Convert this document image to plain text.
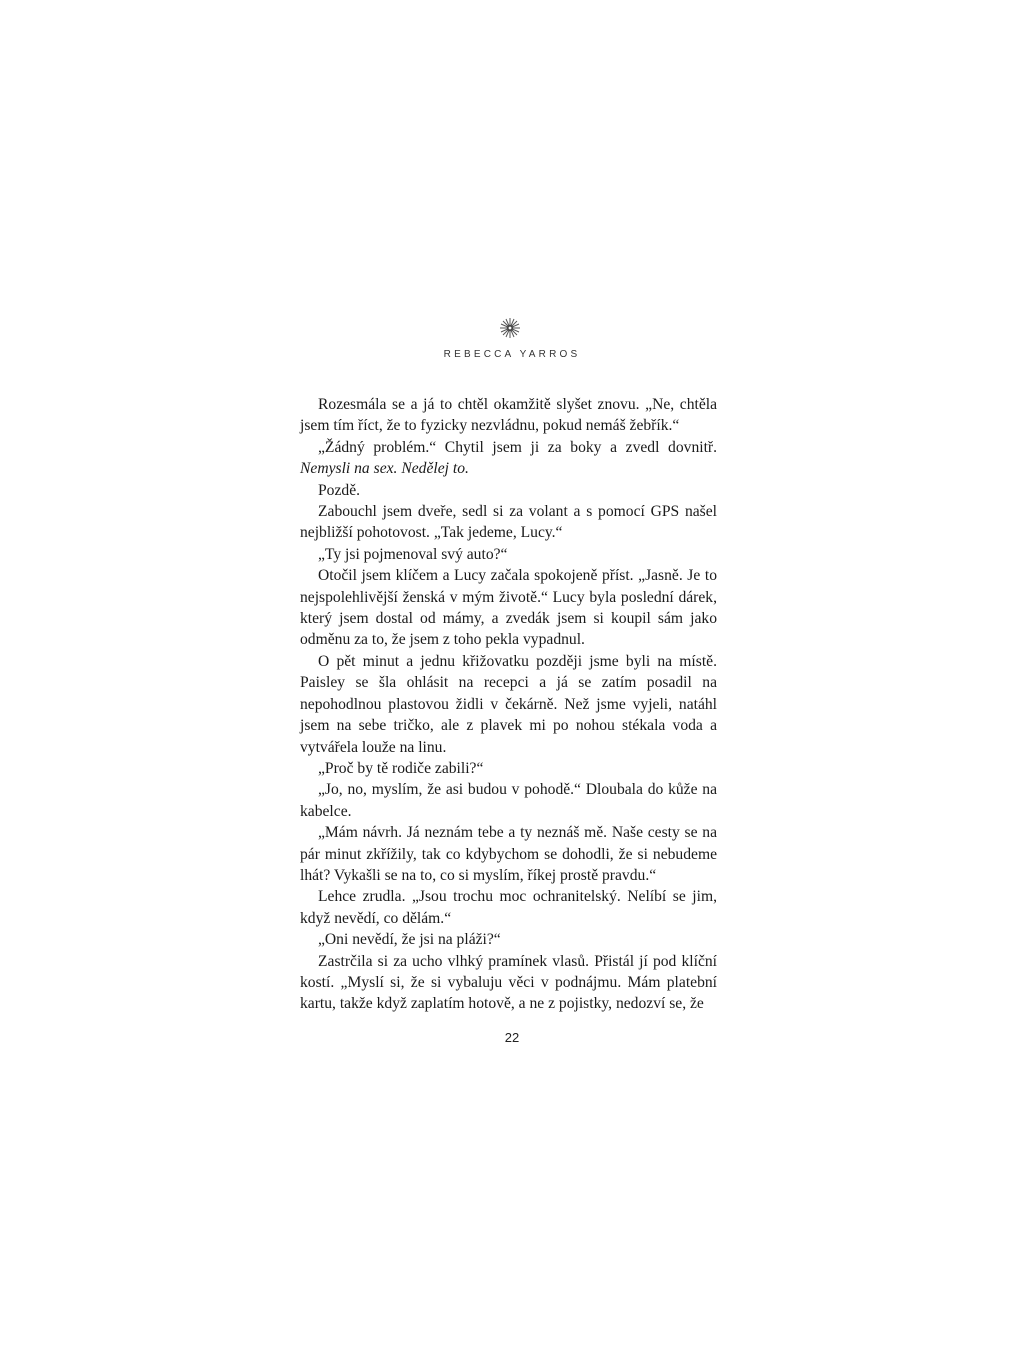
REBECCA YARROS

Rozesmála se a já to chtěl okamžitě slyšet znovu. „Ne, chtěla jsem tím říct, že to fyzicky nezvládnu, pokud nemáš žebřík.“

„Žádný problém.“ Chytil jsem ji za boky a zvedl dovnitř. Nemysli na sex. Nedělej to.

Pozdě.

Zabouchl jsem dveře, sedl si za volant a s pomocí GPS našel nejbližší pohotovost. „Tak jedeme, Lucy.“

„Ty jsi pojmenoval svý auto?“

Otočil jsem klíčem a Lucy začala spokojeně příst. „Jasně. Je to nejspolehlivější ženská v mým životě.“ Lucy byla poslední dárek, který jsem dostal od mámy, a zvedák jsem si koupil sám jako odměnu za to, že jsem z toho pekla vypadnul.

O pět minut a jednu křižovatku později jsme byli na místě. Paisley se šla ohlásit na recepci a já se zatím posadil na nepohodlnou plastovou židli v čekárně. Než jsme vyjeli, natáhl jsem na sebe tričko, ale z plavek mi po nohou stékala voda a vytvářela louže na linu.

„Proč by tě rodiče zabili?“

„Jo, no, myslím, že asi budou v pohodě.“ Dloubala do kůže na kabelce.

„Mám návrh. Já neznám tebe a ty neznáš mě. Naše cesty se na pár minut zkřížily, tak co kdybychom se dohodli, že si nebudeme lhát? Vykašli se na to, co si myslím, říkej prostě pravdu.“

Lehce zrudla. „Jsou trochu moc ochranitelský. Nelíbí se jim, když nevědí, co dělám.“

„Oni nevědí, že jsi na pláži?“

Zastrčila si za ucho vlhký pramínek vlasů. Přistál jí pod klíční kostí. „Myslí si, že si vybaluju věci v podnájmu. Mám platební kartu, takže když zaplatím hotově, a ne z pojistky, nedozví se, že

22
